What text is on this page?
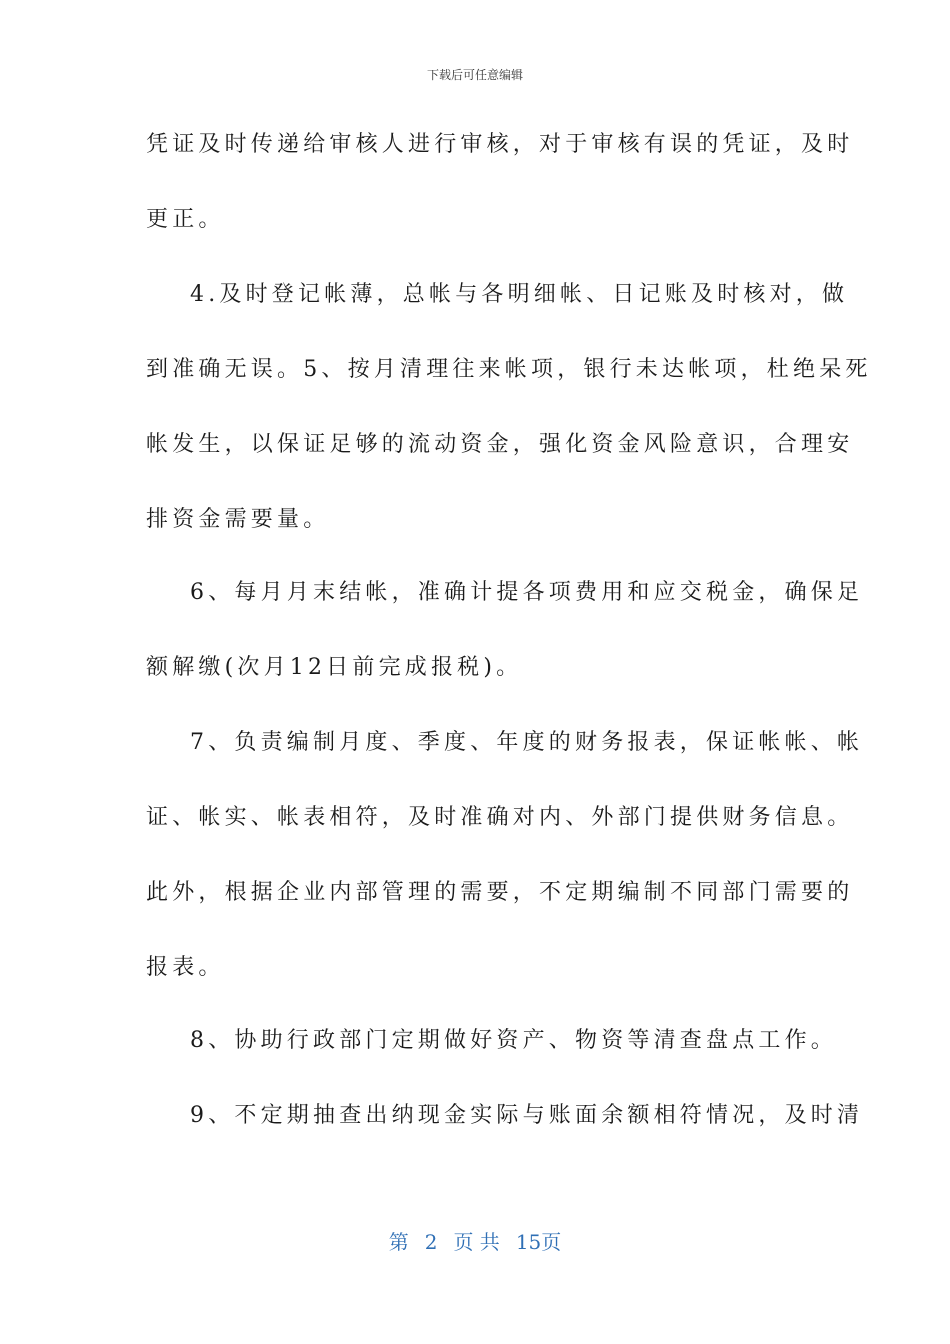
下载后可任意编辑
凭证及时传递给审核人进行审核，对于审核有误的凭证，及时
更正。
4.及时登记帐薄，总帐与各明细帐、日记账及时核对，做
到准确无误。5、按月清理往来帐项，银行未达帐项，杜绝呆死
帐发生，以保证足够的流动资金，强化资金风险意识，合理安
排资金需要量。
6、每月月末结帐，准确计提各项费用和应交税金，确保足
额解缴(次月12日前完成报税)。
7、负责编制月度、季度、年度的财务报表，保证帐帐、帐
证、帐实、帐表相符，及时准确对内、外部门提供财务信息。
此外，根据企业内部管理的需要，不定期编制不同部门需要的
报表。
8、协助行政部门定期做好资产、物资等清查盘点工作。
9、不定期抽查出纳现金实际与账面余额相符情况，及时清
第 2 页 共 15页
